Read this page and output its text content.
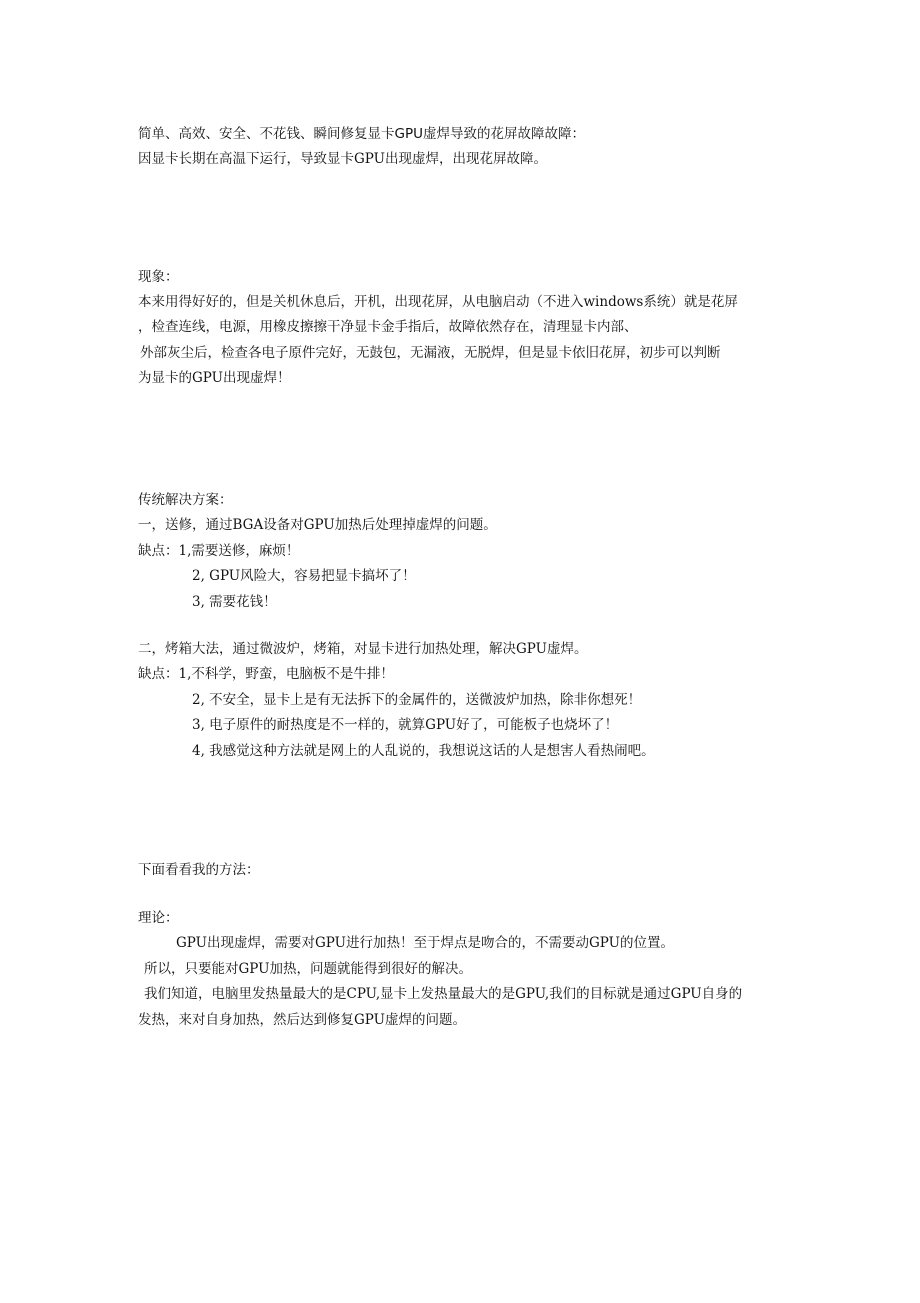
简单、高效、安全、不花钱、瞬间修复显卡GPU虚焊导致的花屏故障故障：
因显卡长期在高温下运行，导致显卡GPU出现虚焊，出现花屏故障。
现象：
本来用得好好的，但是关机休息后，开机，出现花屏，从电脑启动（不进入windows系统）就是花屏
，检查连线，电源，用橡皮擦擦干净显卡金手指后，故障依然存在，清理显卡内部、
外部灰尘后，检查各电子原件完好，无鼓包，无漏液，无脱焊，但是显卡依旧花屏，初步可以判断
为显卡的GPU出现虚焊！
传统解决方案：
一，送修，通过BGA设备对GPU加热后处理掉虚焊的问题。
缺点：1,需要送修，麻烦！
2, GPU风险大，容易把显卡搞坏了！
3, 需要花钱！
二，烤箱大法，通过微波炉，烤箱，对显卡进行加热处理，解决GPU虚焊。
缺点：1,不科学，野蛮，电脑板不是牛排！
2, 不安全，显卡上是有无法拆下的金属件的，送微波炉加热，除非你想死！
3, 电子原件的耐热度是不一样的，就算GPU好了，可能板子也烧坏了！
4, 我感觉这种方法就是网上的人乱说的，我想说这话的人是想害人看热闹吧。
下面看看我的方法：
理论：
GPU出现虚焊，需要对GPU进行加热！至于焊点是吻合的，不需要动GPU的位置。
所以，只要能对GPU加热，问题就能得到很好的解决。
我们知道，电脑里发热量最大的是CPU,显卡上发热量最大的是GPU,我们的目标就是通过GPU自身的
发热，来对自身加热，然后达到修复GPU虚焊的问题。
